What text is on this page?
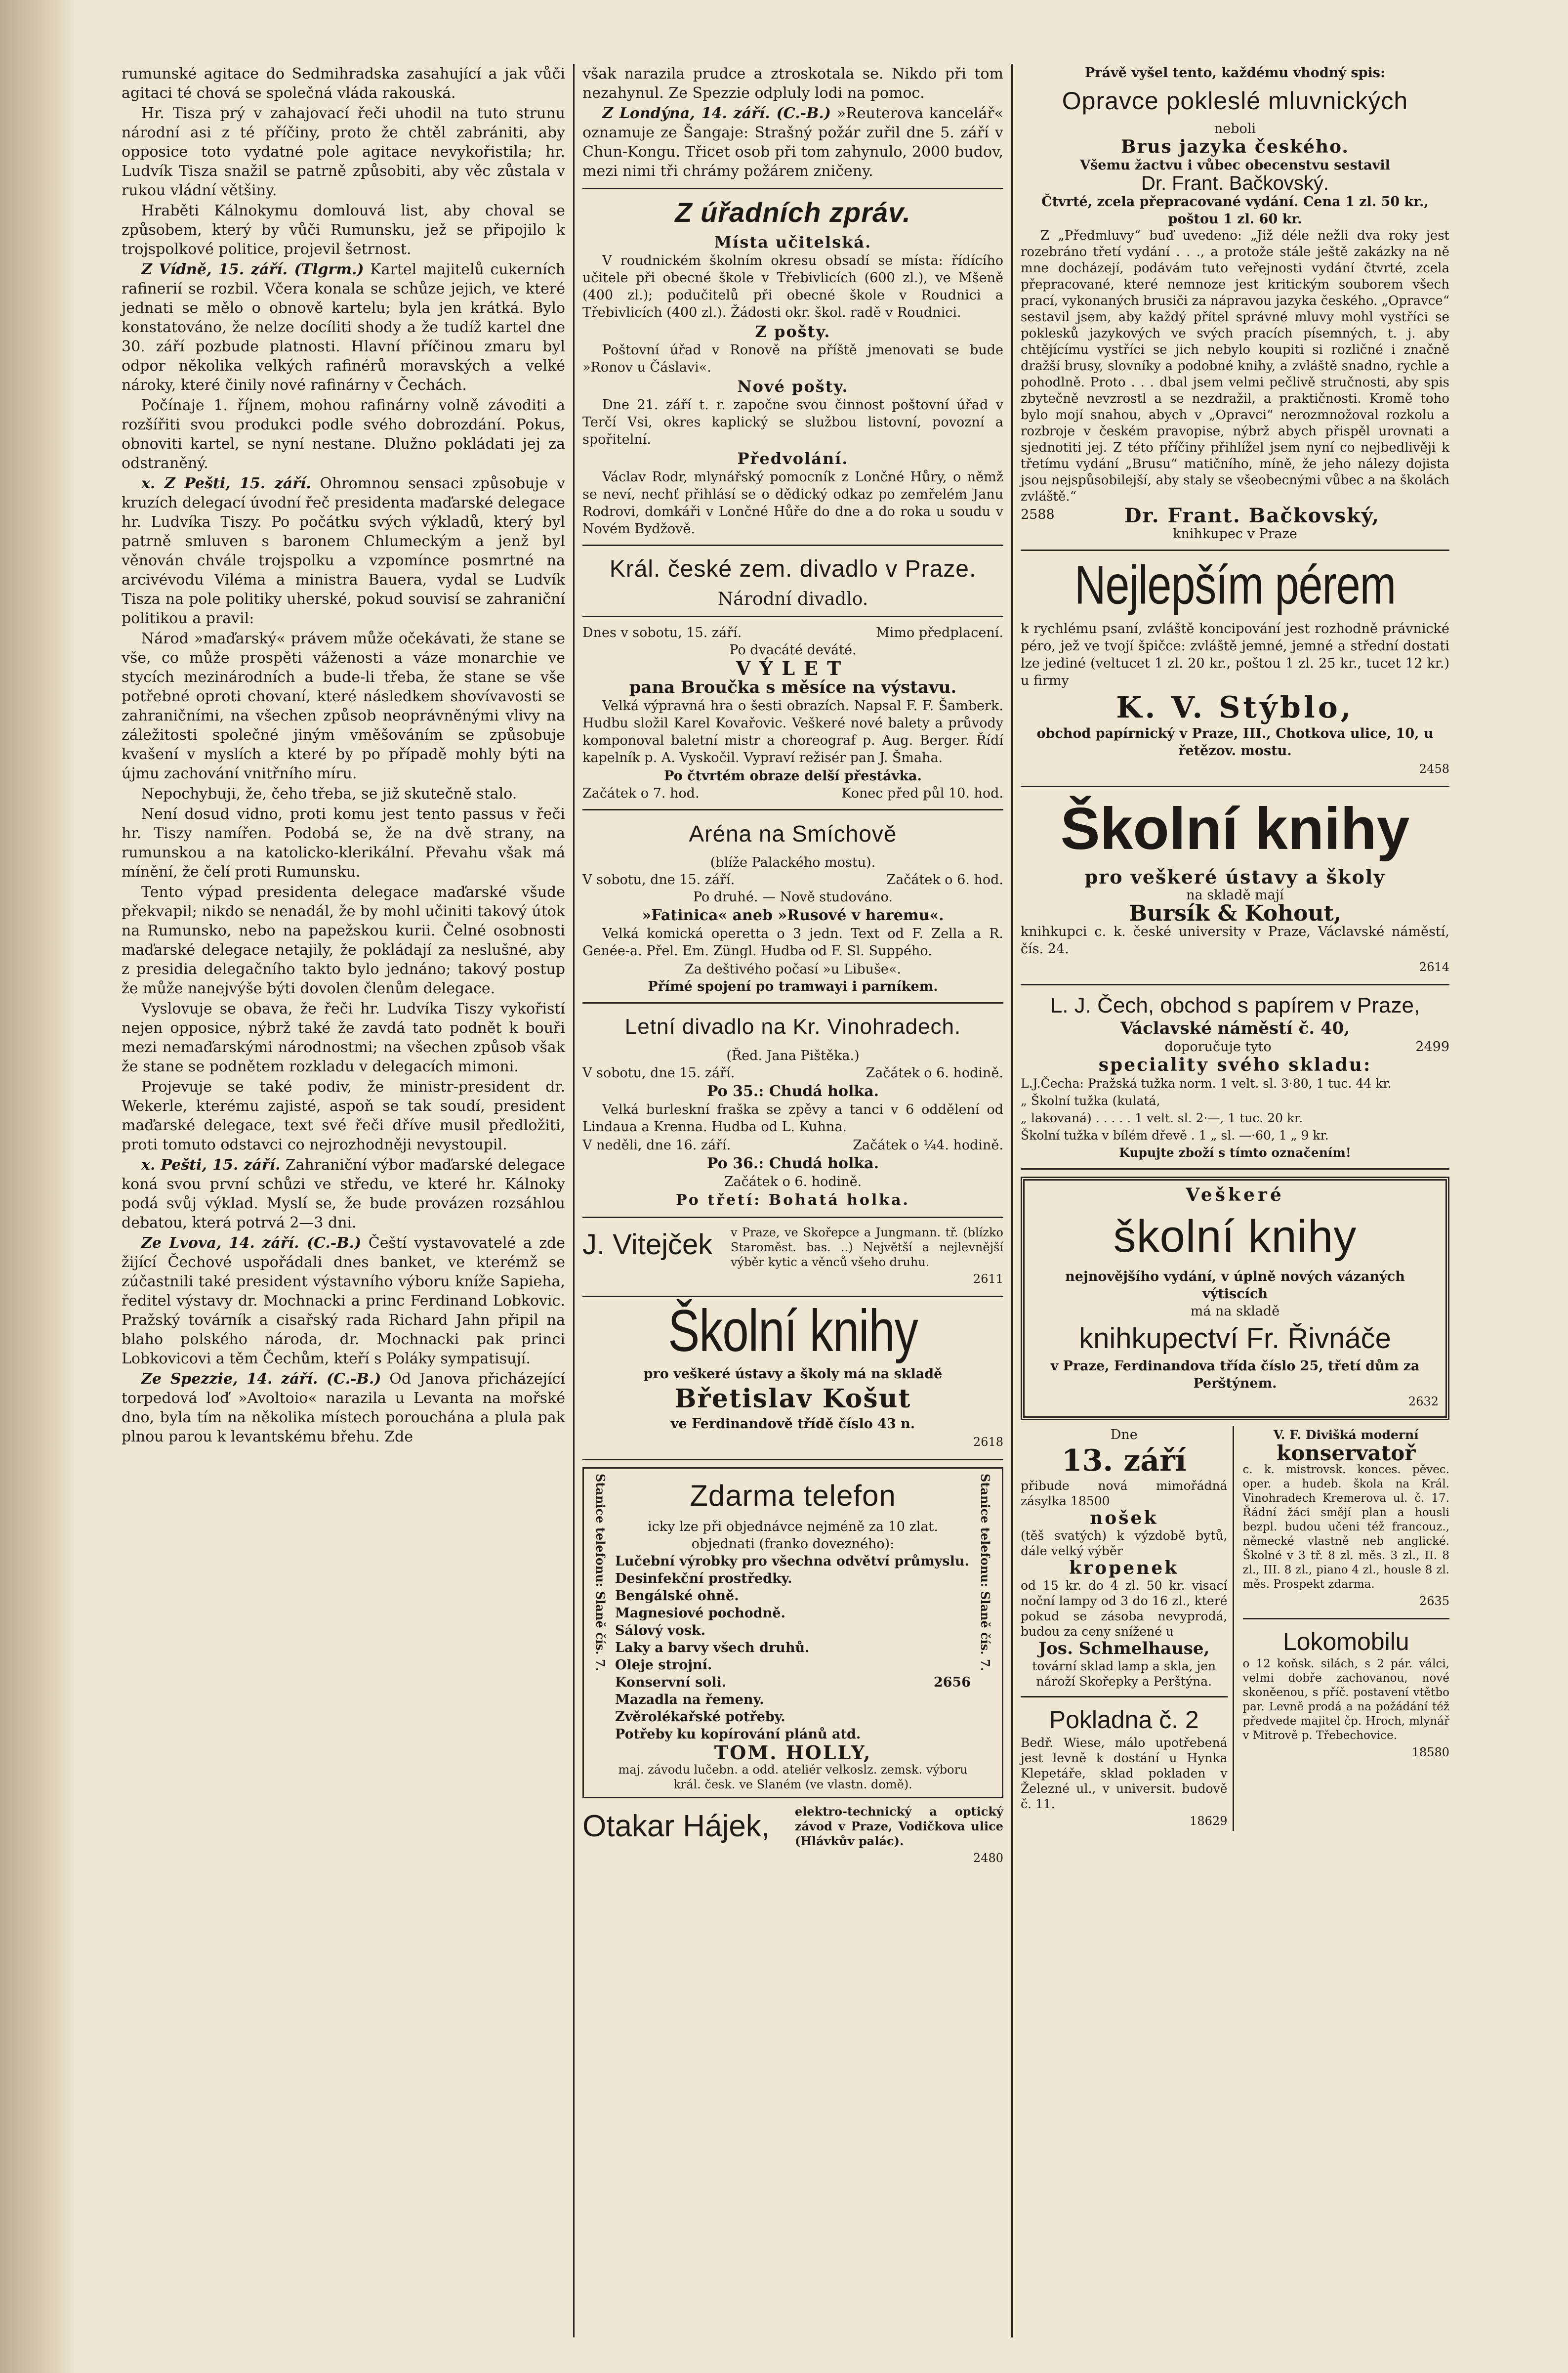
rumunské agitace do Sedmihradska zasahující a jak vůči agitaci té chová se společná vláda rakouská.

Hr. Tisza prý v zahajovací řeči uhodil na tuto strunu národní asi z té příčiny, proto že chtěl zabrániti, aby opposice toto vydatné pole agitace nevykořistila; hr. Ludvík Tisza snažil se patrně způsobiti, aby věc zůstala v rukou vládní většiny.

Hraběti Kálnokymu domlouvá list, aby choval se způsobem, který by vůči Rumunsku, jež se připojilo k trojspolkové politice, projevil šetrnost.

Z Vídně, 15. září. (Tlgrm.) Kartel majitelů cukerních rafinerií se rozbil. Včera konala se schůze jejich, ve které jednati se mělo o obnově kartelu; byla jen krátká. Bylo konstatováno, že nelze docíliti shody a že tudíž kartel dne 30. září pozbude platnosti. Hlavní příčinou zmaru byl odpor několika velkých rafinérů moravských a velké nároky, které činily nové rafinárny v Čechách.

Počínaje 1. říjnem, mohou rafinárny volně závoditi a rozšířiti svou produkci podle svého dobrozdání. Pokus, obnoviti kartel, se nyní nestane. Dlužno pokládati jej za odstraněný.

x. Z Pešti, 15. září. Ohromnou sensaci způsobuje v kruzích delegací úvodní řeč presidenta maďarské delegace hr. Ludvíka Tiszy. Po počátku svých výkladů, který byl patrně smluven s baronem Chlumeckým a jenž byl věnován chvále trojspolku a vzpomínce posmrtné na arcivévodu Viléma a ministra Bauera, vydal se Ludvík Tisza na pole politiky uherské, pokud souvisí se zahraniční politikou a pravil:

Národ »maďarský« právem může očekávati, že stane se vše, co může prospěti váženosti a váze monarchie ve stycích mezinárodních a bude-li třeba, že stane se vše potřebné oproti chovaní, které následkem shovívavosti se zahraničními, na všechen způsob neoprávněnými vlivy na záležitosti společné jiným vměšováním se způsobuje kvašení v myslích a které by po případě mohly býti na újmu zachování vnitřního míru.

Nepochybuji, že, čeho třeba, se již skutečně stalo.

Není dosud vidno, proti komu jest tento passus v řeči hr. Tiszy namířen. Podobá se, že na dvě strany, na rumunskou a na katolicko-klerikální. Převahu však má mínění, že čelí proti Rumunsku.

Tento výpad presidenta delegace maďarské všude překvapil; nikdo se nenadál, že by mohl učiniti takový útok na Rumunsko, nebo na papežskou kurii. Čelné osobnosti maďarské delegace netajily, že pokládají za neslušné, aby z presidia delegačního takto bylo jednáno; takový postup že může nanejvýše býti dovolen členům delegace.

Vyslovuje se obava, že řeči hr. Ludvíka Tiszy vykořistí nejen opposice, nýbrž také že zavdá tato podnět k bouři mezi nemaďarskými národnostmi; na všechen způsob však že stane se podnětem rozkladu v delegacích mimoni.

Projevuje se také podiv, že ministr-president dr. Wekerle, kterému zajisté, aspoň se tak soudí, president maďarské delegace, text své řeči dříve musil předložiti, proti tomuto odstavci co nejrozhodněji nevystoupil.

x. Pešti, 15. září. Zahraniční výbor maďarské delegace koná svou první schůzi ve středu, ve které hr. Kálnoky podá svůj výklad. Myslí se, že bude provázen rozsáhlou debatou, která potrvá 2—3 dni.

Ze Lvova, 14. září. (C.-B.) Čeští vystavovatelé a zde žijící Čechové uspořádali dnes banket, ve kterémž se zúčastnili také president výstavního výboru kníže Sapieha, ředitel výstavy dr. Mochnacki a princ Ferdinand Lobkovic. Pražský továrník a cisařský rada Richard Jahn připil na blaho polského národa, dr. Mochnacki pak princi Lobkovicovi a těm Čechům, kteří s Poláky sympatisují.

Ze Spezzie, 14. září. (C.-B.) Od Janova přicházející torpedová loď »Avoltoio« narazila u Levanta na mořské dno, byla tím na několika místech porouchána a plula pak plnou parou k levantskému břehu. Zde

však narazila prudce a ztroskotala se. Nikdo při tom nezahynul. Ze Spezzie odpluly lodi na pomoc.

Z Londýna, 14. září. (C.-B.) »Reuterova kancelář« oznamuje ze Šangaje: Strašný požár zuřil dne 5. září v Chun-Kongu. Třicet osob při tom zahynulo, 2000 budov, mezi nimi tři chrámy požárem zničeny.

Z úřadních zpráv.
Místa učitelská.

V roudnickém školním okresu obsadí se místa: řídícího učitele při obecné škole v Třebivlicích (600 zl.), ve Mšeně (400 zl.); podučitelů při obecné škole v Roudnici a Třebivlicích (400 zl.). Žádosti okr. škol. radě v Roudnici.

Z pošty.

Poštovní úřad v Ronově na příště jmenovati se bude »Ronov u Čáslavi«.

Nové pošty.

Dne 21. září t. r. započne svou činnost poštovní úřad v Terčí Vsi, okres kaplický se službou listovní, povozní a spořitelní.

Předvolání.

Václav Rodr, mlynářský pomocník z Lončné Hůry, o němž se neví, nechť přihlásí se o dědický odkaz po zemřelém Janu Rodrovi, domkáři v Lončné Hůře do dne a do roka u soudu v Novém Bydžově.

Král. české zem. divadlo v Praze.
Národní divadlo.
Dnes v sobotu, 15. září.	Mimo předplacení.
Po dvacáté deváté.
VÝLET
pana Broučka s měsíce na výstavu.

Velká výpravná hra o šesti obrazích. Napsal F. F. Šamberk. Hudbu složil Karel Kovařovic. Veškeré nové balety a průvody komponoval baletní mistr a choreograf p. Aug. Berger. Řídí kapelník p. A. Vyskočil. Vypraví režisér pan J. Šmaha.

Po čtvrtém obraze delší přestávka.
Začátek o 7. hod.	Konec před půl 10. hod.
Aréna na Smíchově
(blíže Palackého mostu).
V sobotu, dne 15. září.	Začátek o 6. hod.
Po druhé. — Nově studováno.
»Fatinica« aneb »Rusové v haremu«.

Velká komická operetta o 3 jedn. Text od F. Zella a R. Genée-a. Přel. Em. Züngl. Hudba od F. Sl. Suppého.

Za deštivého počasí »u Libuše«.
Přímé spojení po tramwayi i parníkem.
Letní divadlo na Kr. Vinohradech.
(Řed. Jana Pištěka.)
V sobotu, dne 15. září.	Začátek o 6. hodině.
Po 35.: Chudá holka.

Velká burleskní fraška se zpěvy a tanci v 6 oddělení od Lindaua a Krenna. Hudba od L. Kuhna.

V neděli, dne 16. září.	Začátek o ¼4. hodině.
Po 36.: Chudá holka.
Začátek o 6. hodině.
Po třetí: Bohatá holka.
J. Vitejček	v Praze, ve Skořepce a Jungmann. tř. (blízko Staroměst. bas. ..) Největší a nejlevnější výběr kytic a věnců všeho druhu.
2611
Školní knihy
pro veškeré ústavy a školy má na skladě
Břetislav Košut
ve Ferdinandově třídě číslo 43 n.
2618
Stanice telefonu: Slaně čís. 7.	Zdarma telefon
icky lze při objednávce nejméně za 10 zlat. objednati (franko dovezného):
Lučební výrobky pro všechna odvětví průmyslu.
Desinfekční prostředky.
Bengálské ohně.
Magnesiové pochodně.
Sálový vosk.
Laky a barvy všech druhů.
Oleje strojní.
Konservní soli.	2656
Mazadla na řemeny.
Zvěrolékařské potřeby.
Potřeby ku kopírování plánů atd.
TOM. HOLLY,
maj. závodu lučebn. a odd. ateliér velkoslz. zemsk. výboru král. česk. ve Slaném (ve vlastn. domě).
Stanice telefonu: Slaně čís. 7.
Otakar Hájek,	elektro-technický a optický závod v Praze, Vodičkova ulice (Hlávkův palác).
2480
Právě vyšel tento, každému vhodný spis:
Opravce pokleslé mluvnických
neboli
Brus jazyka českého.
Všemu žactvu i vůbec obecenstvu sestavil
Dr. Frant. Bačkovský.
Čtvrté, zcela přepracované vydání. Cena 1 zl. 50 kr., poštou 1 zl. 60 kr.

Z „Předmluvy“ buď uvedeno: „Již déle nežli dva roky jest rozebráno třetí vydání . . ., a protože stále ještě zakázky na ně mne docházejí, podávám tuto veřejnosti vydání čtvrté, zcela přepracované, které nemnoze jest kritickým souborem všech prací, vykonaných brusiči za nápravou jazyka českého. „Opravce“ sestavil jsem, aby každý přítel správné mluvy mohl vystříci se poklesků jazykových ve svých pracích písemných, t. j. aby chtějícímu vystříci se jich nebylo koupiti si rozličné i značně dražší brusy, slovníky a podobné knihy, a zvláště snadno, rychle a pohodlně. Proto . . . dbal jsem velmi pečlivě stručnosti, aby spis zbytečně nevzrostl a se nezdražil, a praktičnosti. Kromě toho bylo mojí snahou, abych v „Opravci“ nerozmnožoval rozkolu a rozbroje v českém pravopise, nýbrž abych přispěl urovnati a sjednotiti jej. Z této příčiny přihlížel jsem nyní co nejbedlivěji k třetímu vydání „Brusu“ matičního, míně, že jeho nálezy dojista jsou nejspůsobilejší, aby staly se všeobecnými vůbec a na školách zvláště.“

2588	Dr. Frant. Bačkovský,
knihkupec v Praze
Nejlepším pérem

k rychlému psaní, zvláště koncipování jest rozhodně právnické péro, jež ve tvojí špičce: zvláště jemné, jemné a střední dostati lze jediné (veltucet 1 zl. 20 kr., poštou 1 zl. 25 kr., tucet 12 kr.) u firmy

K. V. Stýblo,
obchod papírnický v Praze, III., Chotkova ulice, 10, u řetězov. mostu.
2458
Školní knihy
pro veškeré ústavy a školy
na skladě mají
Bursík & Kohout,
knihkupci c. k. české university v Praze, Václavské náměstí, čís. 24.
2614
L. J. Čech, obchod s papírem v Praze,
Václavské náměstí č. 40,
doporučuje tyto	2499
specialitу svého skladu:
L.J.Čecha: Pražská tužka norm. 1 velt. sl. 3·80, 1 tuc. 44 kr.
„ Školní tužka (kulatá,
„ lakovaná) . . . . . 1 velt. sl. 2·—, 1 tuc. 20 kr.
Školní tužka v bílém dřevě . 1 „ sl. —·60, 1 „ 9 kr.
Kupujte zboží s tímto označením!
Veškeré
školní knihy
nejnovějšího vydání, v úplně nových vázaných výtiscích
má na skladě
knihkupectví Fr. Řivnáče
v Praze, Ferdinandova třída číslo 25, třetí dům za Perštýnem.
2632
Dne
13. září
přibude nová mimořádná zásylka 18500
nošek
(těš svatých) k výzdobě bytů, dále velký výběr
kropenek
od 15 kr. do 4 zl. 50 kr. visací noční lampy od 3 do 16 zl., které pokud se zásoba nevyprodá, budou za ceny snížené u
Jos. Schmelhause,
tovární sklad lamp a skla, jen nároží Skořepky a Perštýna.
Pokladna č. 2
Bedř. Wiese, málo upotřebená jest levně k dostání u Hynka Klepetáře, sklad pokladen v Železné ul., v universit. budově č. 11.
18629
V. F. Divišká moderní
konservatoř
c. k. mistrovsk. konces. pěvec. oper. a hudeb. škola na Král. Vinohradech Kremerova ul. č. 17. Řádní žáci smějí plan a housli bezpl. budou učeni též francouz., německé vlastně neb anglické. Školné v 3 tř. 8 zl. měs. 3 zl., II. 8 zl., III. 8 zl., piano 4 zl., housle 8 zl. měs. Prospekt zdarma.
2635
Lokomobilu
o 12 koňsk. silách, s 2 pár. válci, velmi dobře zachovanou, nové skoněenou, s příč. postavení vtětbo par. Levně prodá a na požádání též předvede majitel čp. Hroch, mlynář v Mitrově p. Třebechovice.
18580
